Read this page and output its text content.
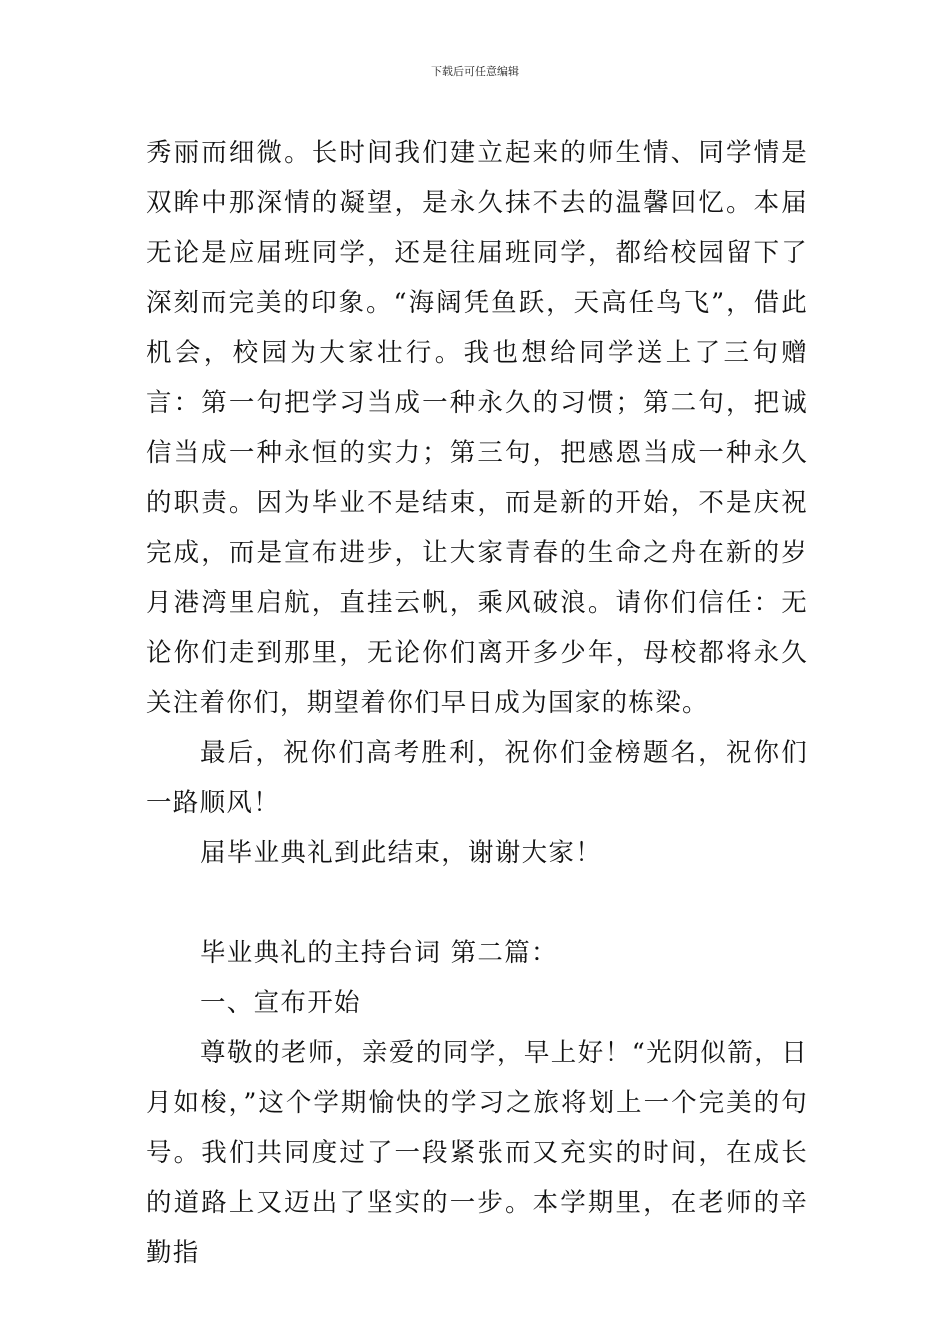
下载后可任意编辑

秀丽而细微。长时间我们建立起来的师生情、同学情是双眸中那深情的凝望，是永久抹不去的温馨回忆。本届无论是应届班同学，还是往届班同学，都给校园留下了深刻而完美的印象。“海阔凭鱼跃，天高任鸟飞”，借此机会，校园为大家壮行。我也想给同学送上了三句赠言：第一句把学习当成一种永久的习惯；第二句，把诚信当成一种永恒的实力；第三句，把感恩当成一种永久的职责。因为毕业不是结束，而是新的开始，不是庆祝完成，而是宣布进步，让大家青春的生命之舟在新的岁月港湾里启航，直挂云帆，乘风破浪。请你们信任：无论你们走到那里，无论你们离开多少年，母校都将永久关注着你们，期望着你们早日成为国家的栋梁。

最后，祝你们高考胜利，祝你们金榜题名，祝你们一路顺风！

届毕业典礼到此结束，谢谢大家！

毕业典礼的主持台词 第二篇：

一、宣布开始

尊敬的老师，亲爱的同学，早上好！“光阴似箭，日月如梭，”这个学期愉快的学习之旅将划上一个完美的句号。我们共同度过了一段紧张而又充实的时间，在成长的道路上又迈出了坚实的一步。本学期里，在老师的辛勤指
